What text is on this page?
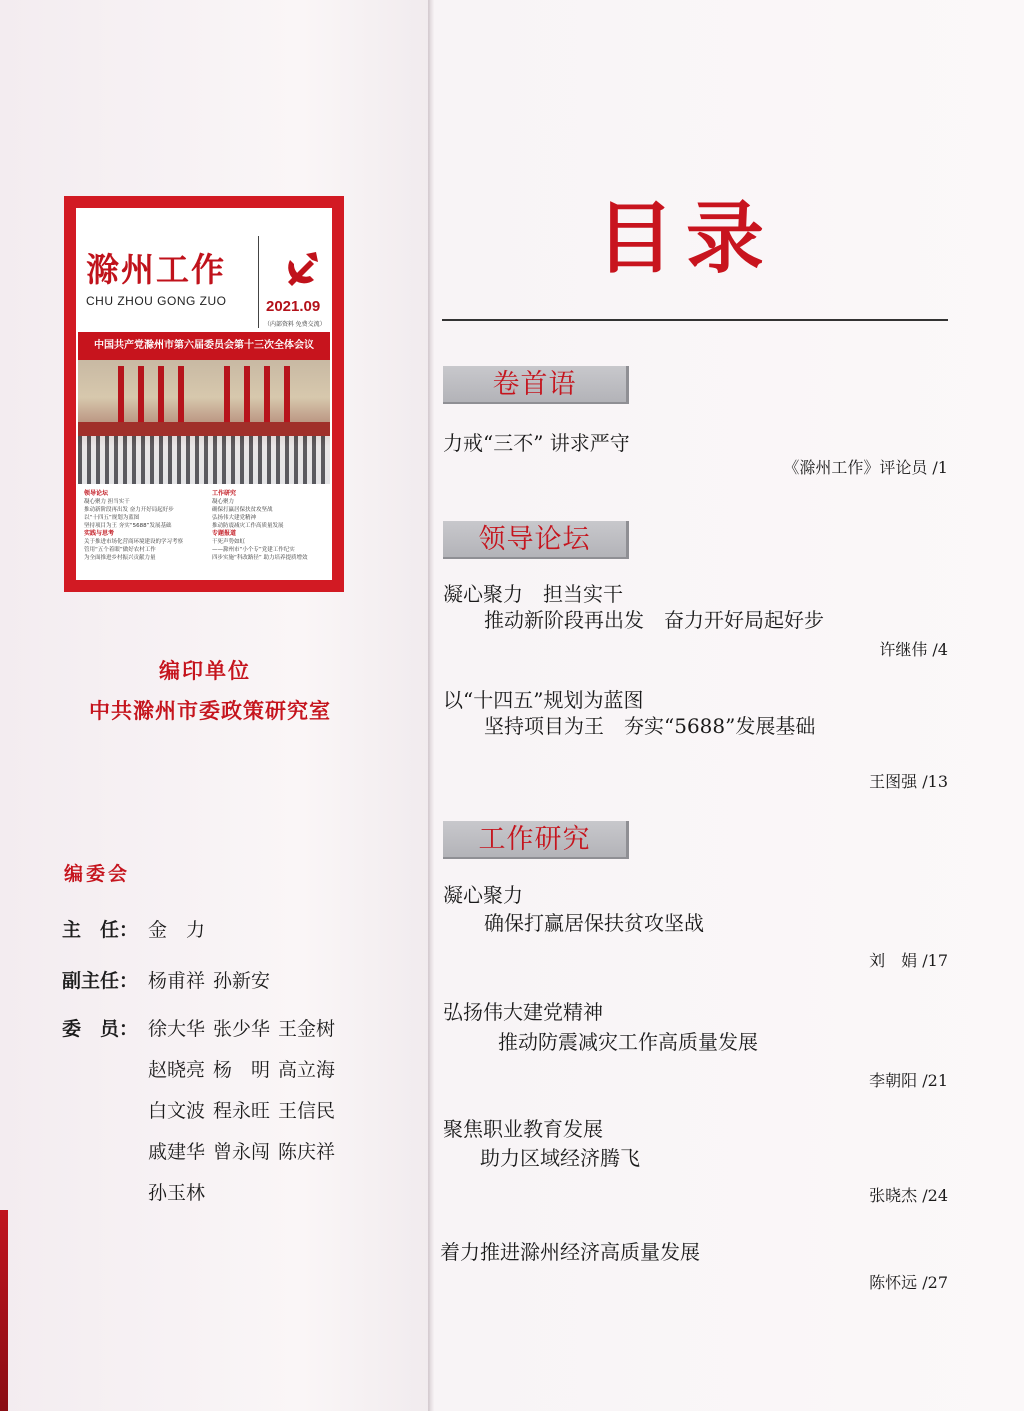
滁州工作
CHU ZHOU GONG ZUO	2021.09
（内部资料 免费交流）
中国共产党滁州市第六届委员会第十三次全体会议
领导论坛
凝心聚力 担当实干
推动新阶段再出发 奋力开好局起好步
以“十四五”规划为蓝图
坚持项目为王 夯实“5688”发展基础
实践与思考
关于推进市场化营商环境建设的学习考察
管用“五个着眼”做好农村工作
为全面推进乡村振兴贡献力量
工作研究
凝心聚力
确保打赢居保扶贫攻坚战
弘扬伟大建党精神
推动防震减灾工作高质量发展
专题报道
干死声势如虹
——滁州市“小个专”党建工作纪实
四步实施“科改路径” 助力培养提质增效
编印单位
中共滁州市委政策研究室
编委会
主　任： 金　力
副主任： 杨甫祥 孙新安
委　员： 徐大华 张少华 王金树赵晓亮 杨　明 高立海白文波 程永旺 王信民戚建华 曾永闯 陈庆祥孙玉林
目录
卷首语
力戒“三不” 讲求严守
《滁州工作》评论员 /1
领导论坛
凝心聚力　担当实干
推动新阶段再出发　奋力开好局起好步
许继伟 /4
以“十四五”规划为蓝图
坚持项目为王　夯实“5688”发展基础
王图强 /13
工作研究
凝心聚力
确保打赢居保扶贫攻坚战
刘　娟 /17
弘扬伟大建党精神
推动防震减灾工作高质量发展
李朝阳 /21
聚焦职业教育发展
助力区域经济腾飞
张晓杰 /24
着力推进滁州经济高质量发展
陈怀远 /27
